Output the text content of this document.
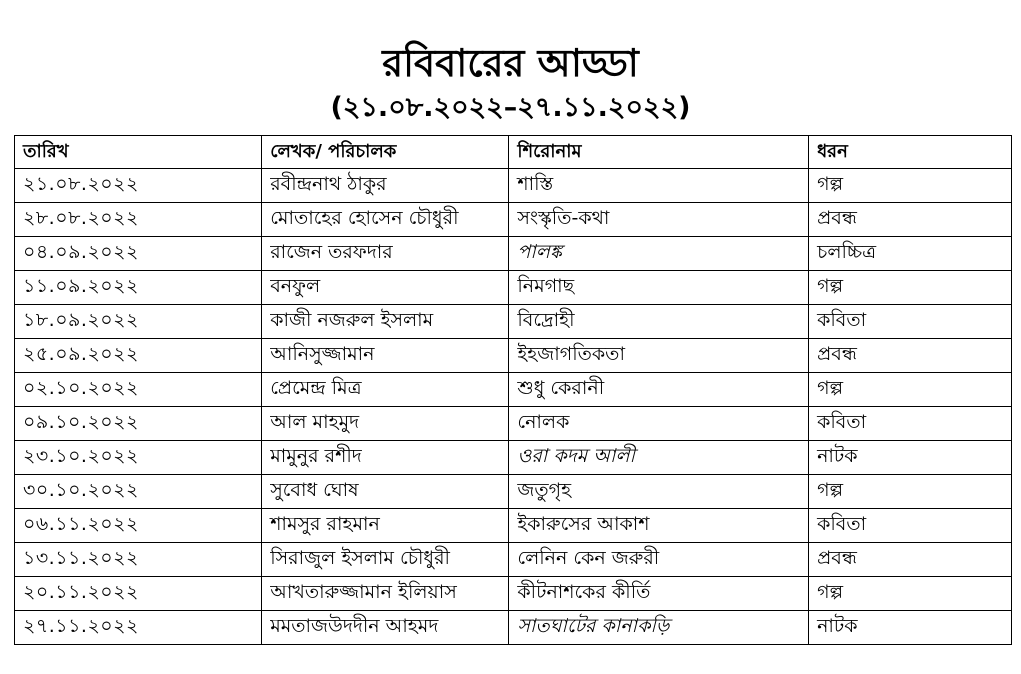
রবিবারের আড্ডা
(২১.০৮.২০২২–২৭.১১.২০২২)
তারিখ	লেখক/ পরিচালক	শিরোনাম	ধরন
২১.০৮.২০২২	রবীন্দ্রনাথ ঠাকুর	শাস্তি	গল্প
২৮.০৮.২০২২	মোতাহের হোসেন চৌধুরী	সংস্কৃতি-কথা	প্রবন্ধ
০৪.০৯.২০২২	রাজেন তরফদার	পালঙ্ক	চলচ্চিত্র
১১.০৯.২০২২	বনফুল	নিমগাছ	গল্প
১৮.০৯.২০২২	কাজী নজরুল ইসলাম	বিদ্রোহী	কবিতা
২৫.০৯.২০২২	আনিসুজ্জামান	ইহজাগতিকতা	প্রবন্ধ
০২.১০.২০২২	প্রেমেন্দ্র মিত্র	শুধু কেরানী	গল্প
০৯.১০.২০২২	আল মাহমুদ	নোলক	কবিতা
২৩.১০.২০২২	মামুনুর রশীদ	ওরা কদম আলী	নাটক
৩০.১০.২০২২	সুবোধ ঘোষ	জতুগৃহ	গল্প
০৬.১১.২০২২	শামসুর রাহমান	ইকারুসের আকাশ	কবিতা
১৩.১১.২০২২	সিরাজুল ইসলাম চৌধুরী	লেনিন কেন জরুরী	প্রবন্ধ
২০.১১.২০২২	আখতারুজ্জামান ইলিয়াস	কীটনাশকের কীর্তি	গল্প
২৭.১১.২০২২	মমতাজউদদীন আহমদ	সাতঘাটের কানাকড়ি	নাটক
